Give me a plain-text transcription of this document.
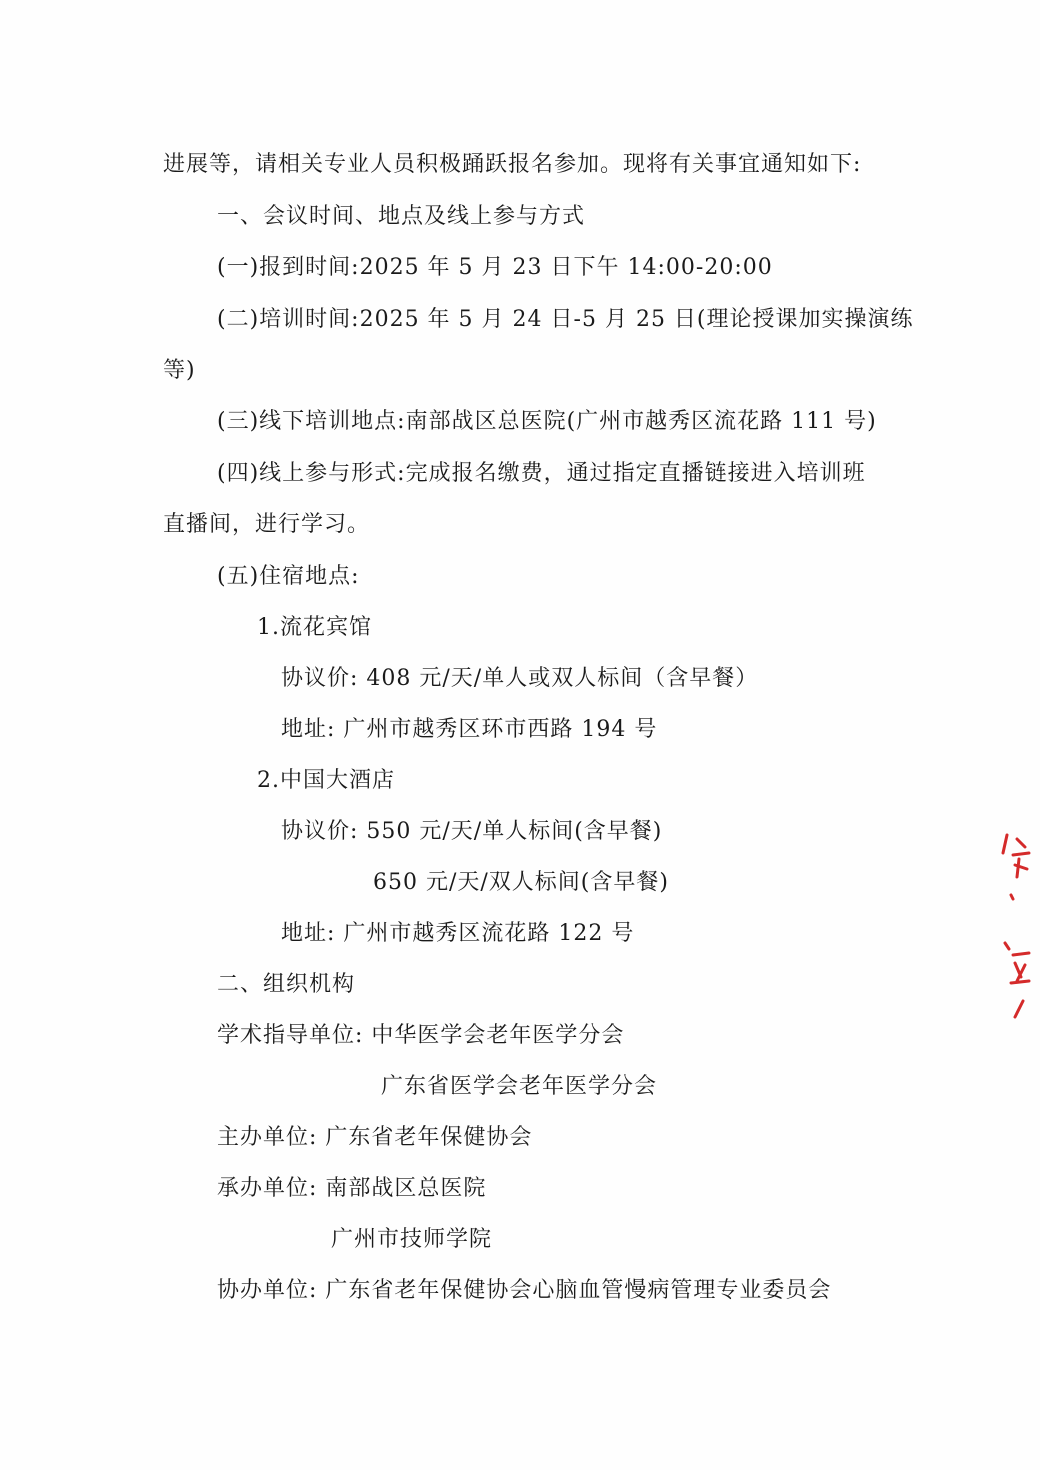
进展等，请相关专业人员积极踊跃报名参加。现将有关事宜通知如下:
一、会议时间、地点及线上参与方式
(一)报到时间:2025 年 5 月 23 日下午 14:00-20:00
(二)培训时间:2025 年 5 月 24 日-5 月 25 日(理论授课加实操演练
等)
(三)线下培训地点:南部战区总医院(广州市越秀区流花路 111 号)
(四)线上参与形式:完成报名缴费，通过指定直播链接进入培训班
直播间，进行学习。
(五)住宿地点:
1.流花宾馆
协议价: 408 元/天/单人或双人标间（含早餐）
地址: 广州市越秀区环市西路 194 号
2.中国大酒店
协议价: 550 元/天/单人标间(含早餐)
650 元/天/双人标间(含早餐)
地址: 广州市越秀区流花路 122 号
二、组织机构
学术指导单位: 中华医学会老年医学分会
广东省医学会老年医学分会
主办单位: 广东省老年保健协会
承办单位: 南部战区总医院
广州市技师学院
协办单位: 广东省老年保健协会心脑血管慢病管理专业委员会
